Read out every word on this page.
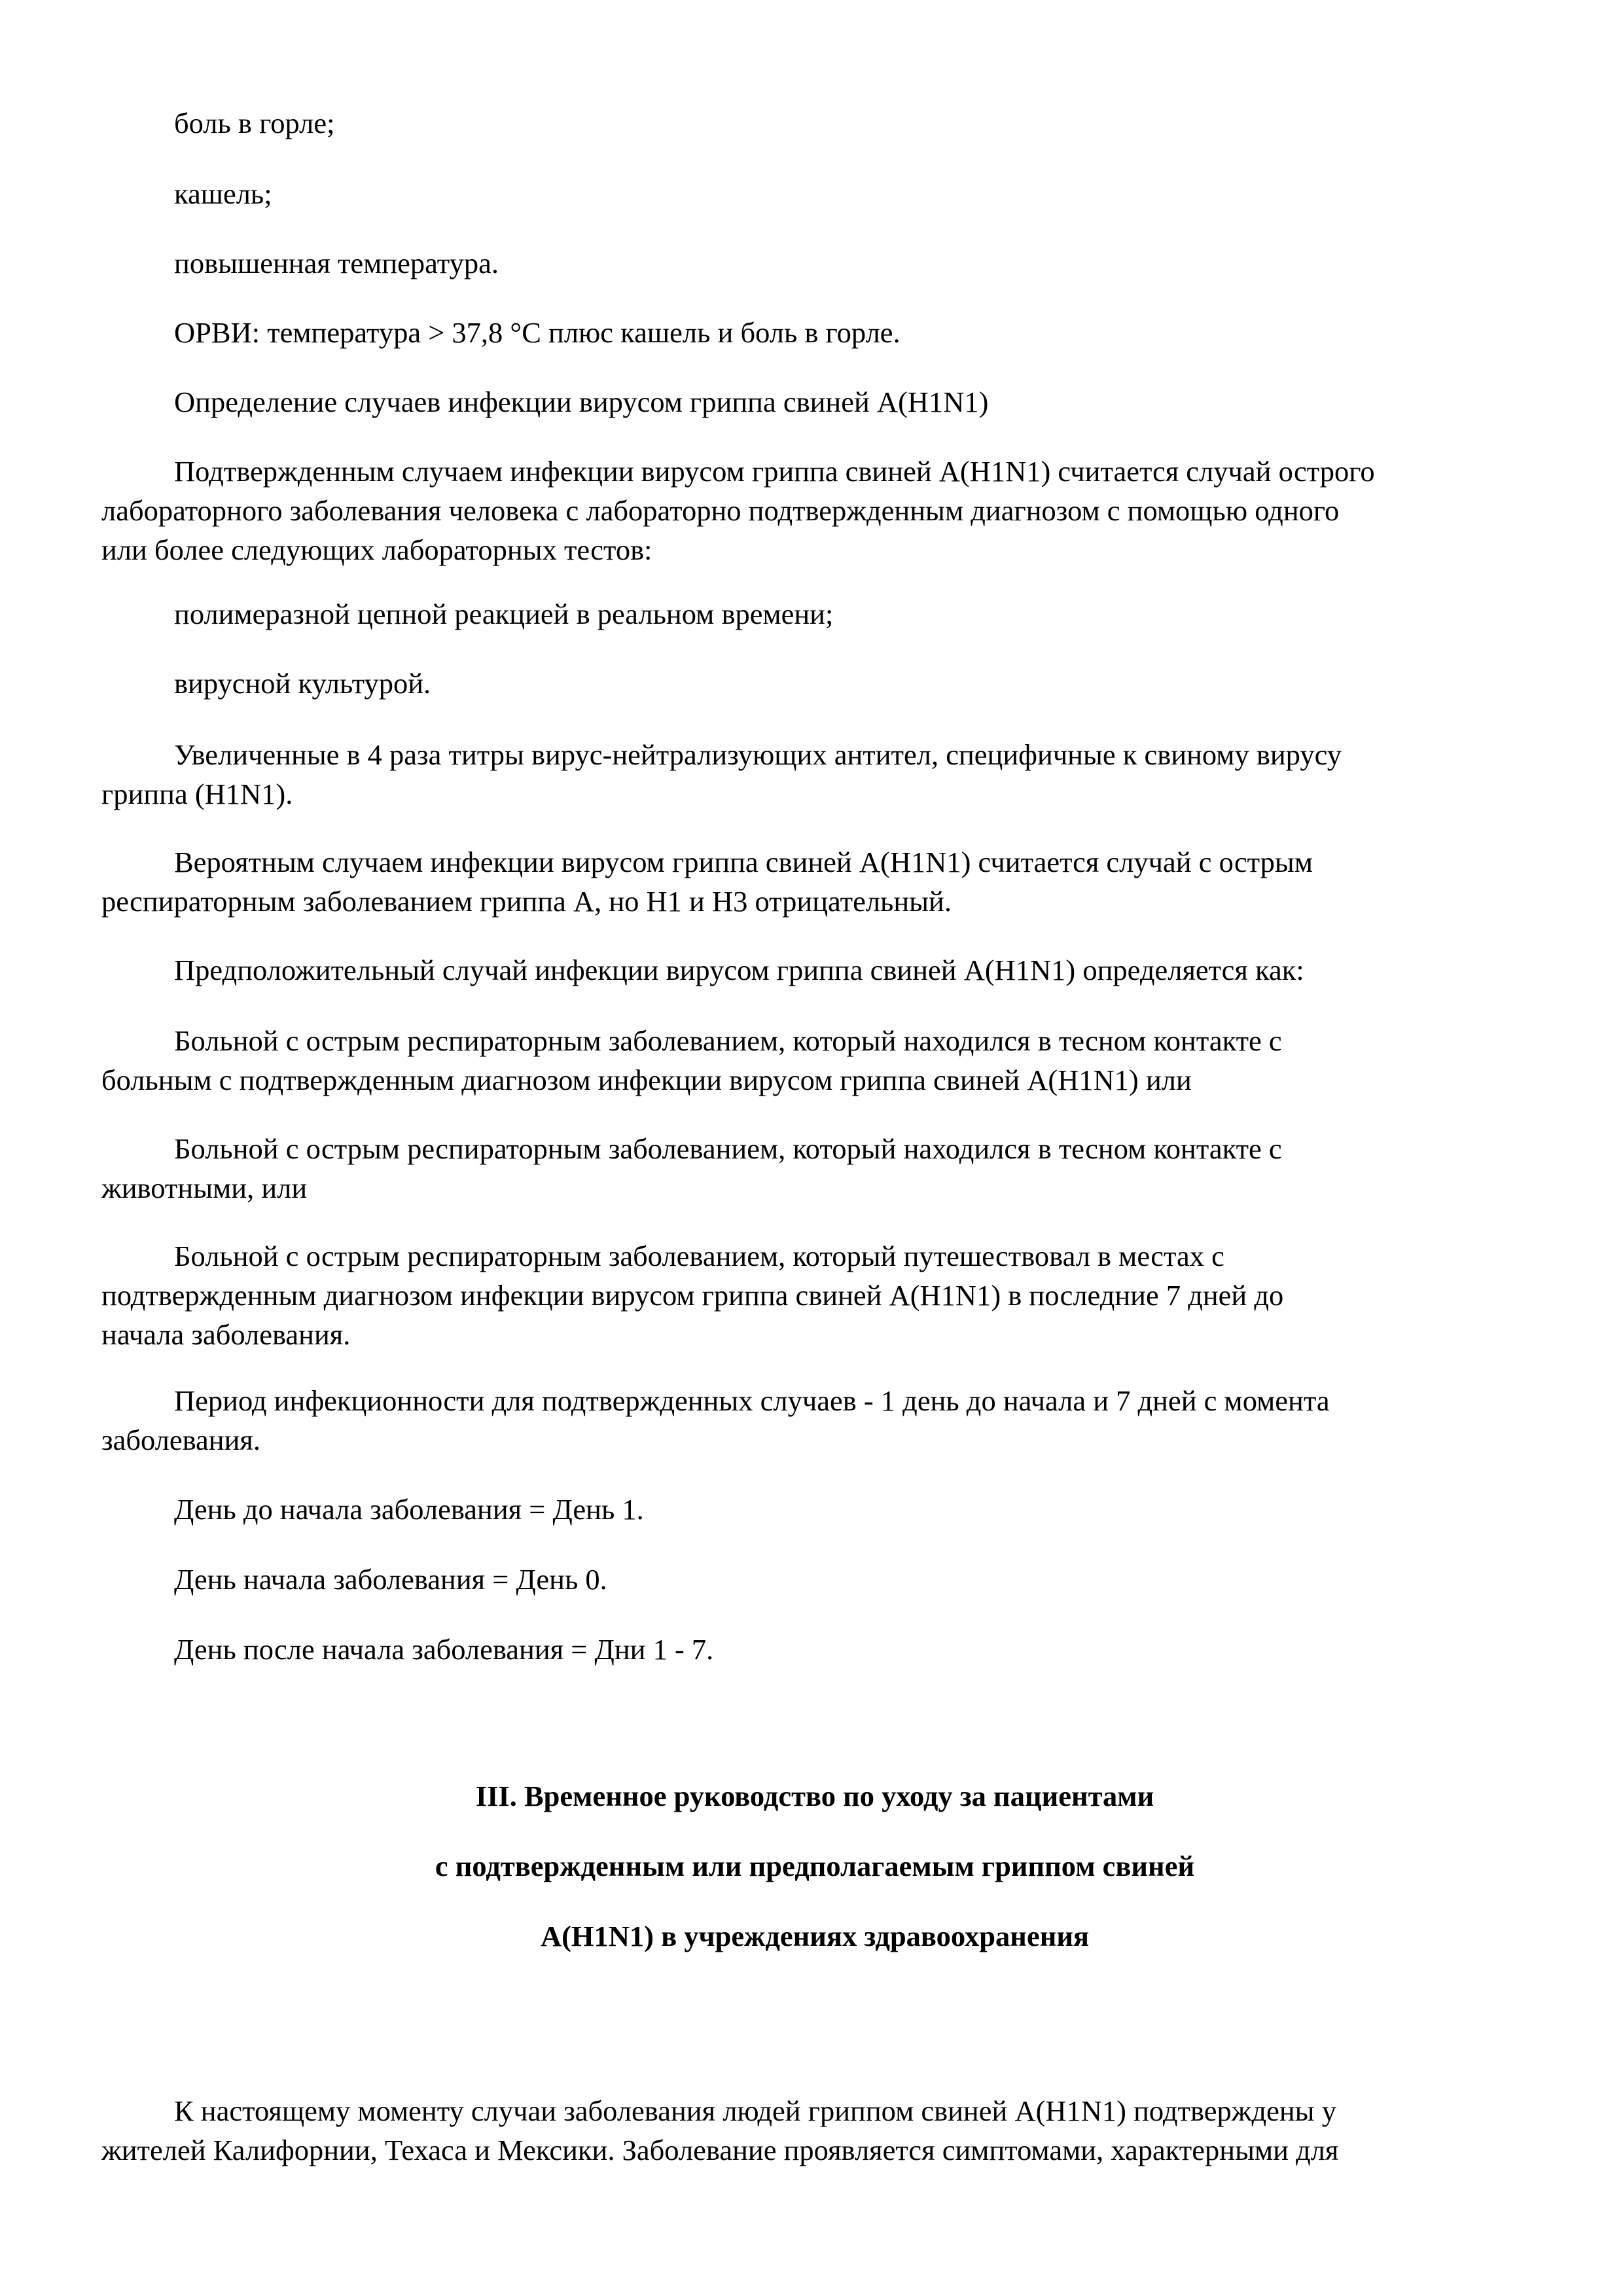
боль в горле;

кашель;

повышенная температура.

ОРВИ: температура > 37,8 °С плюс кашель и боль в горле.

Определение случаев инфекции вирусом гриппа свиней А(H1N1)

Подтвержденным случаем инфекции вирусом гриппа свиней А(H1N1) считается случай острого
лабораторного заболевания человека с лабораторно подтвержденным диагнозом с помощью одного
или более следующих лабораторных тестов:

полимеразной цепной реакцией в реальном времени;

вирусной культурой.

Увеличенные в 4 раза титры вирус-нейтрализующих антител, специфичные к свиному вирусу
гриппа (H1N1).

Вероятным случаем инфекции вирусом гриппа свиней А(H1N1) считается случай с острым
респираторным заболеванием гриппа А, но H1 и H3 отрицательный.

Предположительный случай инфекции вирусом гриппа свиней А(H1N1) определяется как:

Больной с острым респираторным заболеванием, который находился в тесном контакте с
больным с подтвержденным диагнозом инфекции вирусом гриппа свиней А(H1N1) или

Больной с острым респираторным заболеванием, который находился в тесном контакте с
животными, или

Больной с острым респираторным заболеванием, который путешествовал в местах с
подтвержденным диагнозом инфекции вирусом гриппа свиней А(H1N1) в последние 7 дней до
начала заболевания.

Период инфекционности для подтвержденных случаев - 1 день до начала и 7 дней с момента
заболевания.

День до начала заболевания = День 1.

День начала заболевания = День 0.

День после начала заболевания = Дни 1 - 7.

III. Временное руководство по уходу за пациентами
с подтвержденным или предполагаемым гриппом свиней
А(H1N1) в учреждениях здравоохранения

К настоящему моменту случаи заболевания людей гриппом свиней А(H1N1) подтверждены у
жителей Калифорнии, Техаса и Мексики. Заболевание проявляется симптомами, характерными для
